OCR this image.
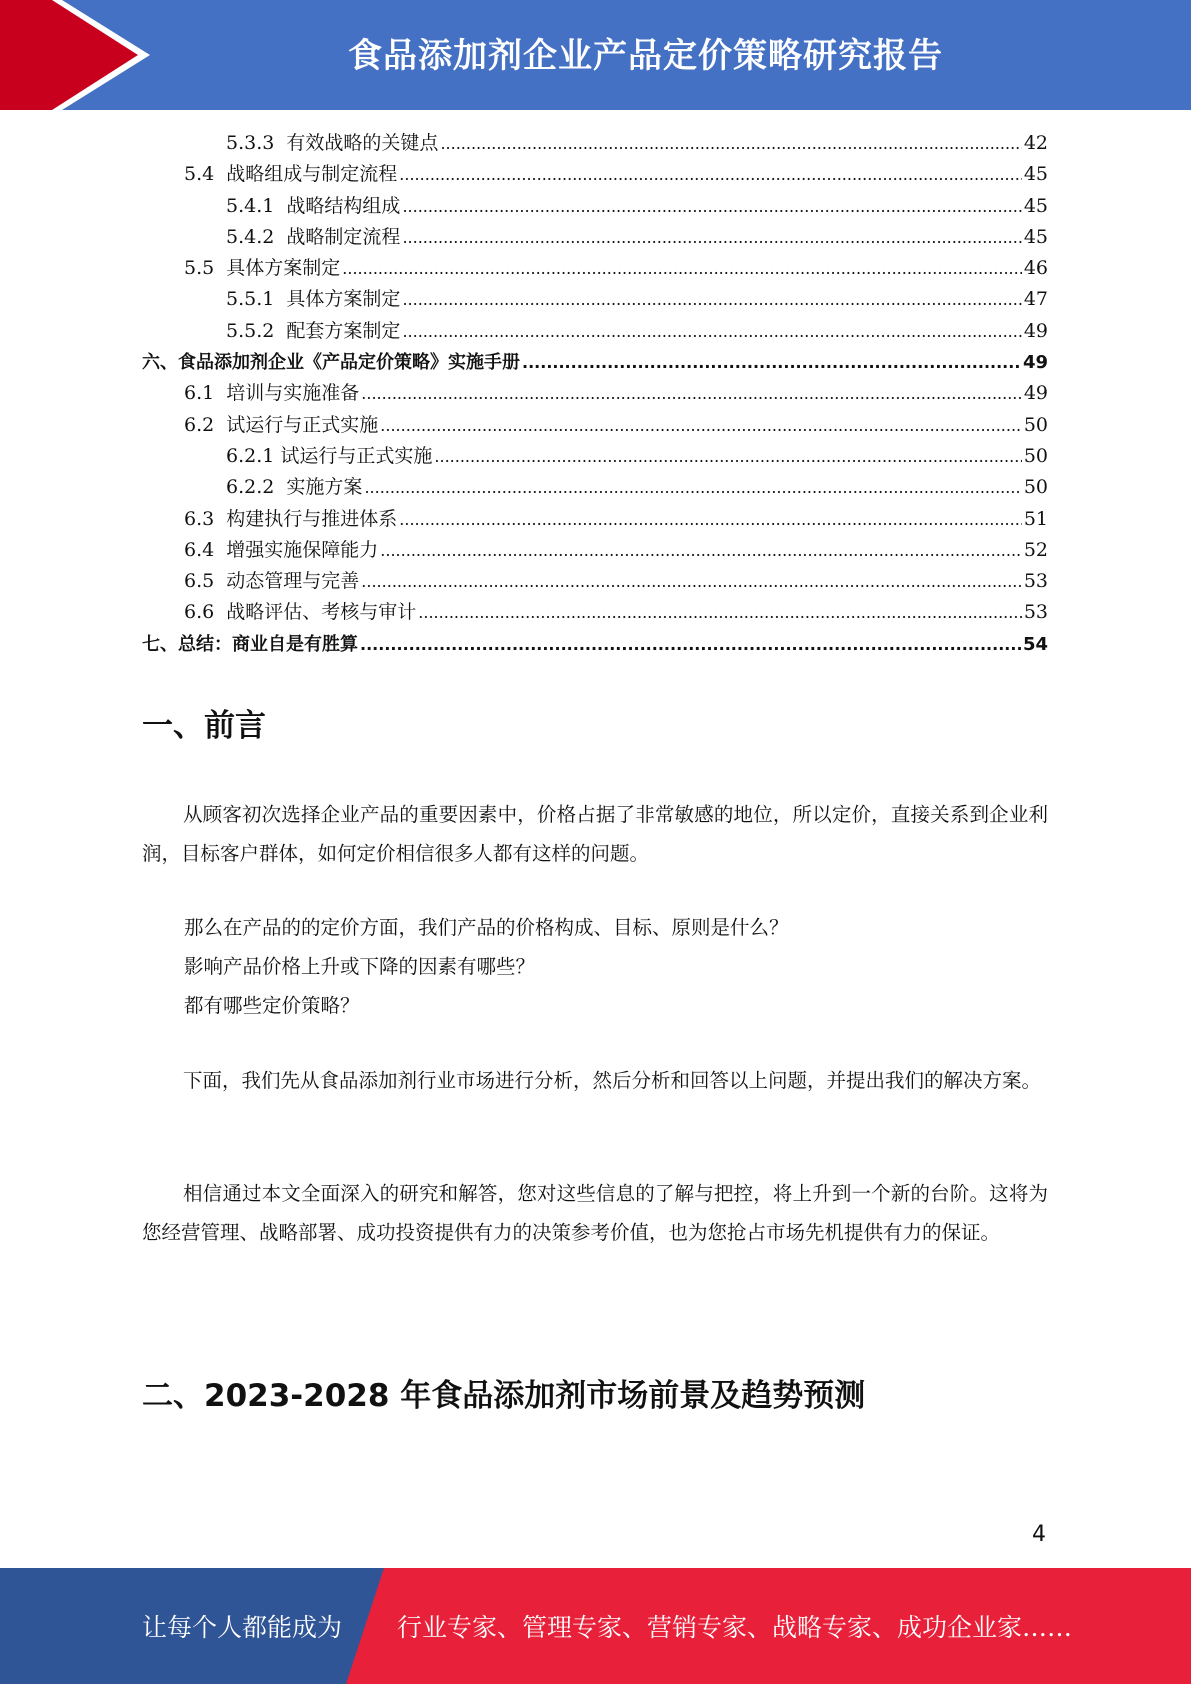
食品添加剂企业产品定价策略研究报告
5.3.3  有效战略的关键点 .....	42
5.4  战略组成与制定流程 .....	45
5.4.1  战略结构组成 .....	45
5.4.2  战略制定流程 .....	45
5.5  具体方案制定 .....	46
5.5.1  具体方案制定 .....	47
5.5.2  配套方案制定 .....	49
六、食品添加剂企业《产品定价策略》实施手册 .....	49
6.1  培训与实施准备 .....	49
6.2  试运行与正式实施 .....	50
6.2.1 试运行与正式实施 .....	50
6.2.2  实施方案 .....	50
6.3  构建执行与推进体系 .....	51
6.4  增强实施保障能力 .....	52
6.5  动态管理与完善 .....	53
6.6  战略评估、考核与审计 .....	53
七、总结：商业自是有胜算 .....	54
一、前言
从顾客初次选择企业产品的重要因素中，价格占据了非常敏感的地位，所以定价，直接关系到企业利润，目标客户群体，如何定价相信很多人都有这样的问题。
那么在产品的的定价方面，我们产品的价格构成、目标、原则是什么？
影响产品价格上升或下降的因素有哪些？
都有哪些定价策略？
下面，我们先从食品添加剂行业市场进行分析，然后分析和回答以上问题，并提出我们的解决方案。
相信通过本文全面深入的研究和解答，您对这些信息的了解与把控，将上升到一个新的台阶。这将为您经营管理、战略部署、成功投资提供有力的决策参考价值，也为您抢占市场先机提供有力的保证。
二、2023-2028 年食品添加剂市场前景及趋势预测
4
让每个人都能成为 行业专家、管理专家、营销专家、战略专家、成功企业家……
